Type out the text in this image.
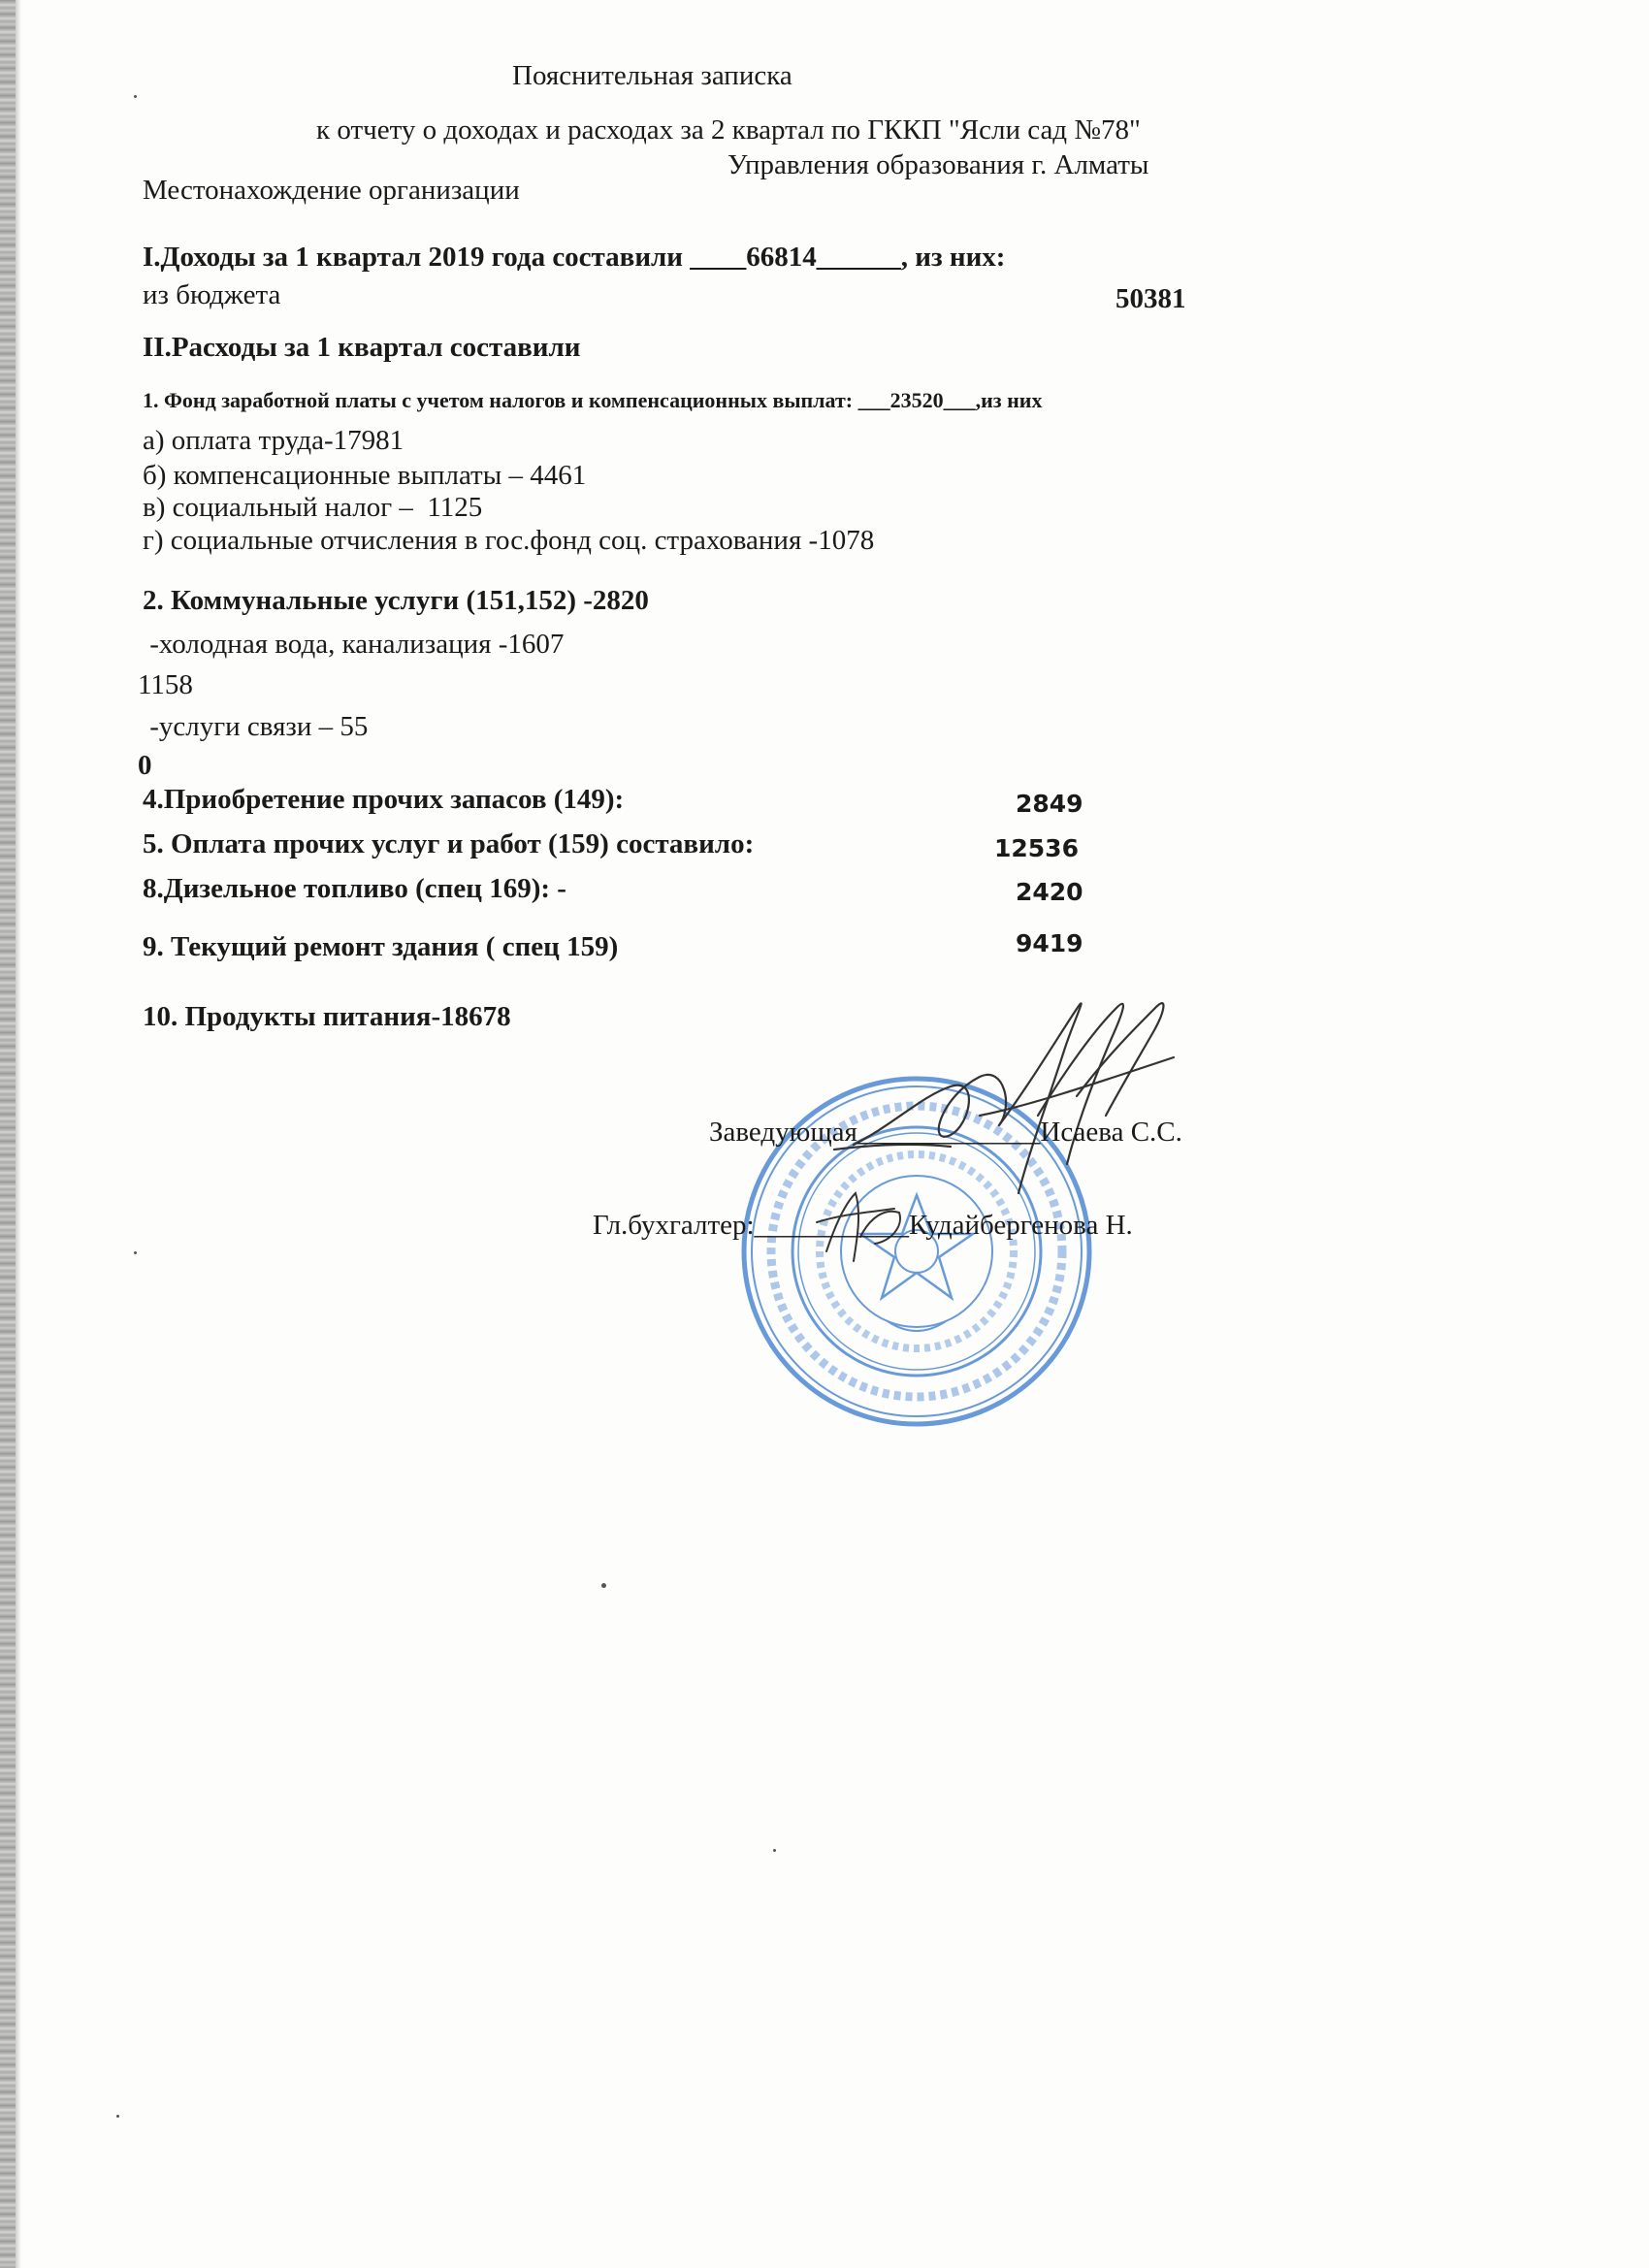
Пояснительная записка
к отчету о доходах и расходах за 2 квартал по ГККП "Ясли сад №78"
Управления образования г. Алматы
Местонахождение организации
I.Доходы за 1 квартал 2019 года составили ____66814______, из них:
из бюджета	50381
II.Расходы за 1 квартал составили
1. Фонд заработной платы с учетом налогов и компенсационных выплат: ___23520___,из них
а) оплата труда-17981
б) компенсационные выплаты – 4461
в) социальный налог –  1125
г) социальные отчисления в гос.фонд соц. страхования -1078
2. Коммунальные услуги (151,152) -2820
-холодная вода, канализация -1607
1158
-услуги связи – 55
0
4.Приобретение прочих запасов (149):	2849
5. Оплата прочих услуг и работ (159) составило:	12536
8.Дизельное топливо (спец 169): -	2420
9. Текущий ремонт здания ( спец 159)	9419
10. Продукты питания-18678
Заведующая_____________Исаева С.С.
Гл.бухгалтер:___________Кудайбергенова Н.
